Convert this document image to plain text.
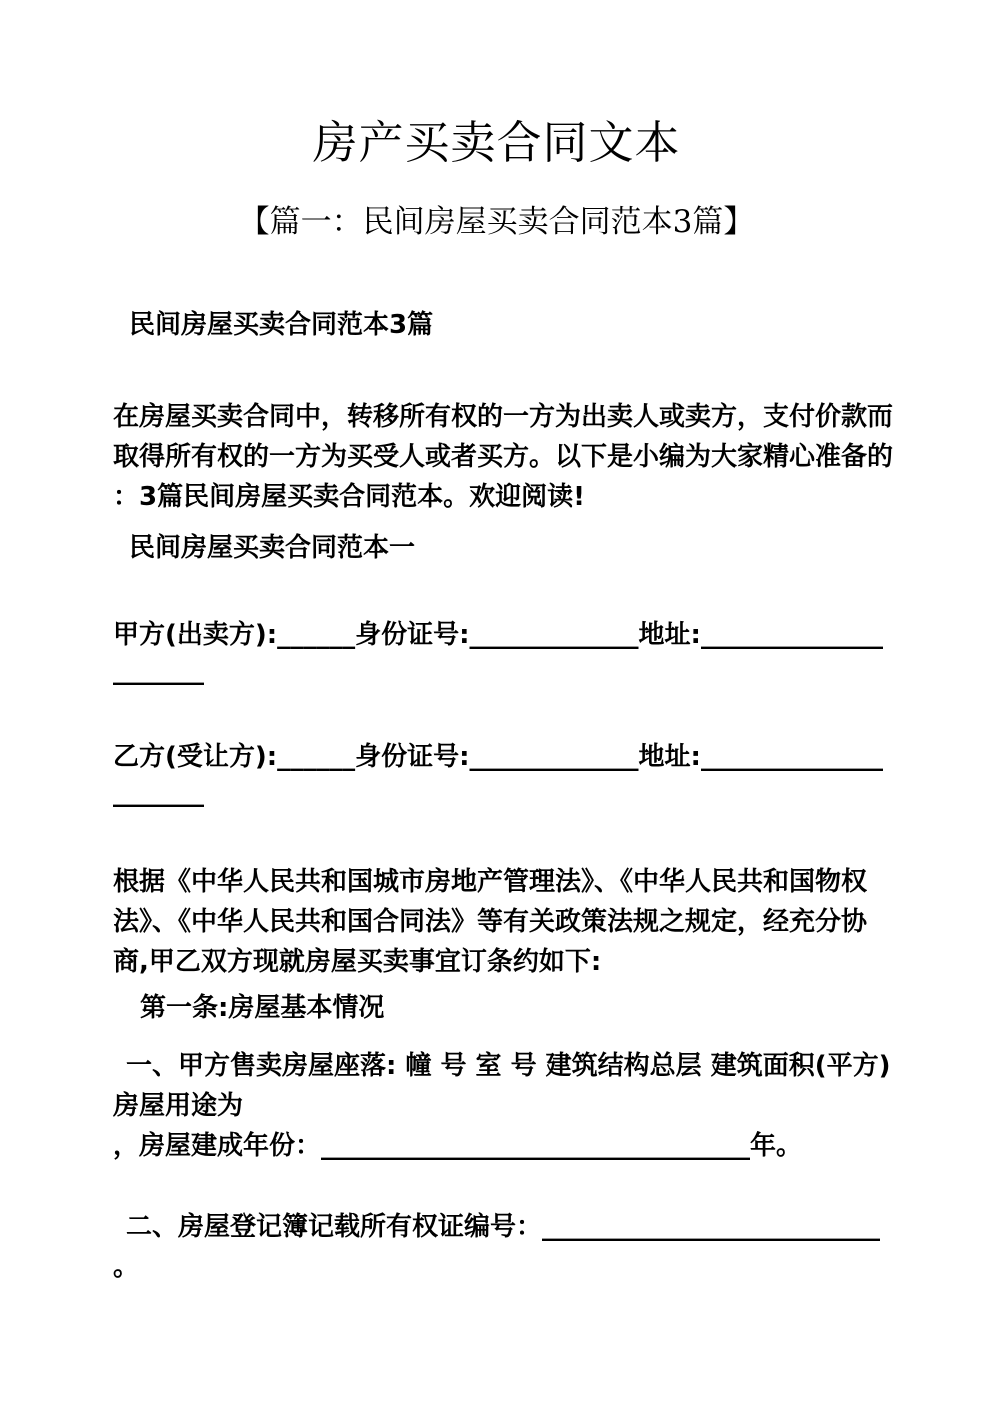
房产买卖合同文本
【篇一：民间房屋买卖合同范本3篇】
民间房屋买卖合同范本3篇
在房屋买卖合同中，转移所有权的一方为出卖人或卖方，支付价款而
取得所有权的一方为买受人或者买方。以下是小编为大家精心准备的
：3篇民间房屋买卖合同范本。欢迎阅读!
民间房屋买卖合同范本一
甲方(出卖方):______身份证号:_____________地址:______________
_______
乙方(受让方):______身份证号:_____________地址:______________
_______
根据《中华人民共和国城市房地产管理法》、《中华人民共和国物权
法》、《中华人民共和国合同法》等有关政策法规之规定，经充分协
商,甲乙双方现就房屋买卖事宜订条约如下:
第一条:房屋基本情况
一、甲方售卖房屋座落: 幢 号 室 号 建筑结构总层 建筑面积(平方)
房屋用途为
，房屋建成年份：_________________________________年。
二、房屋登记簿记载所有权证编号：__________________________
。
